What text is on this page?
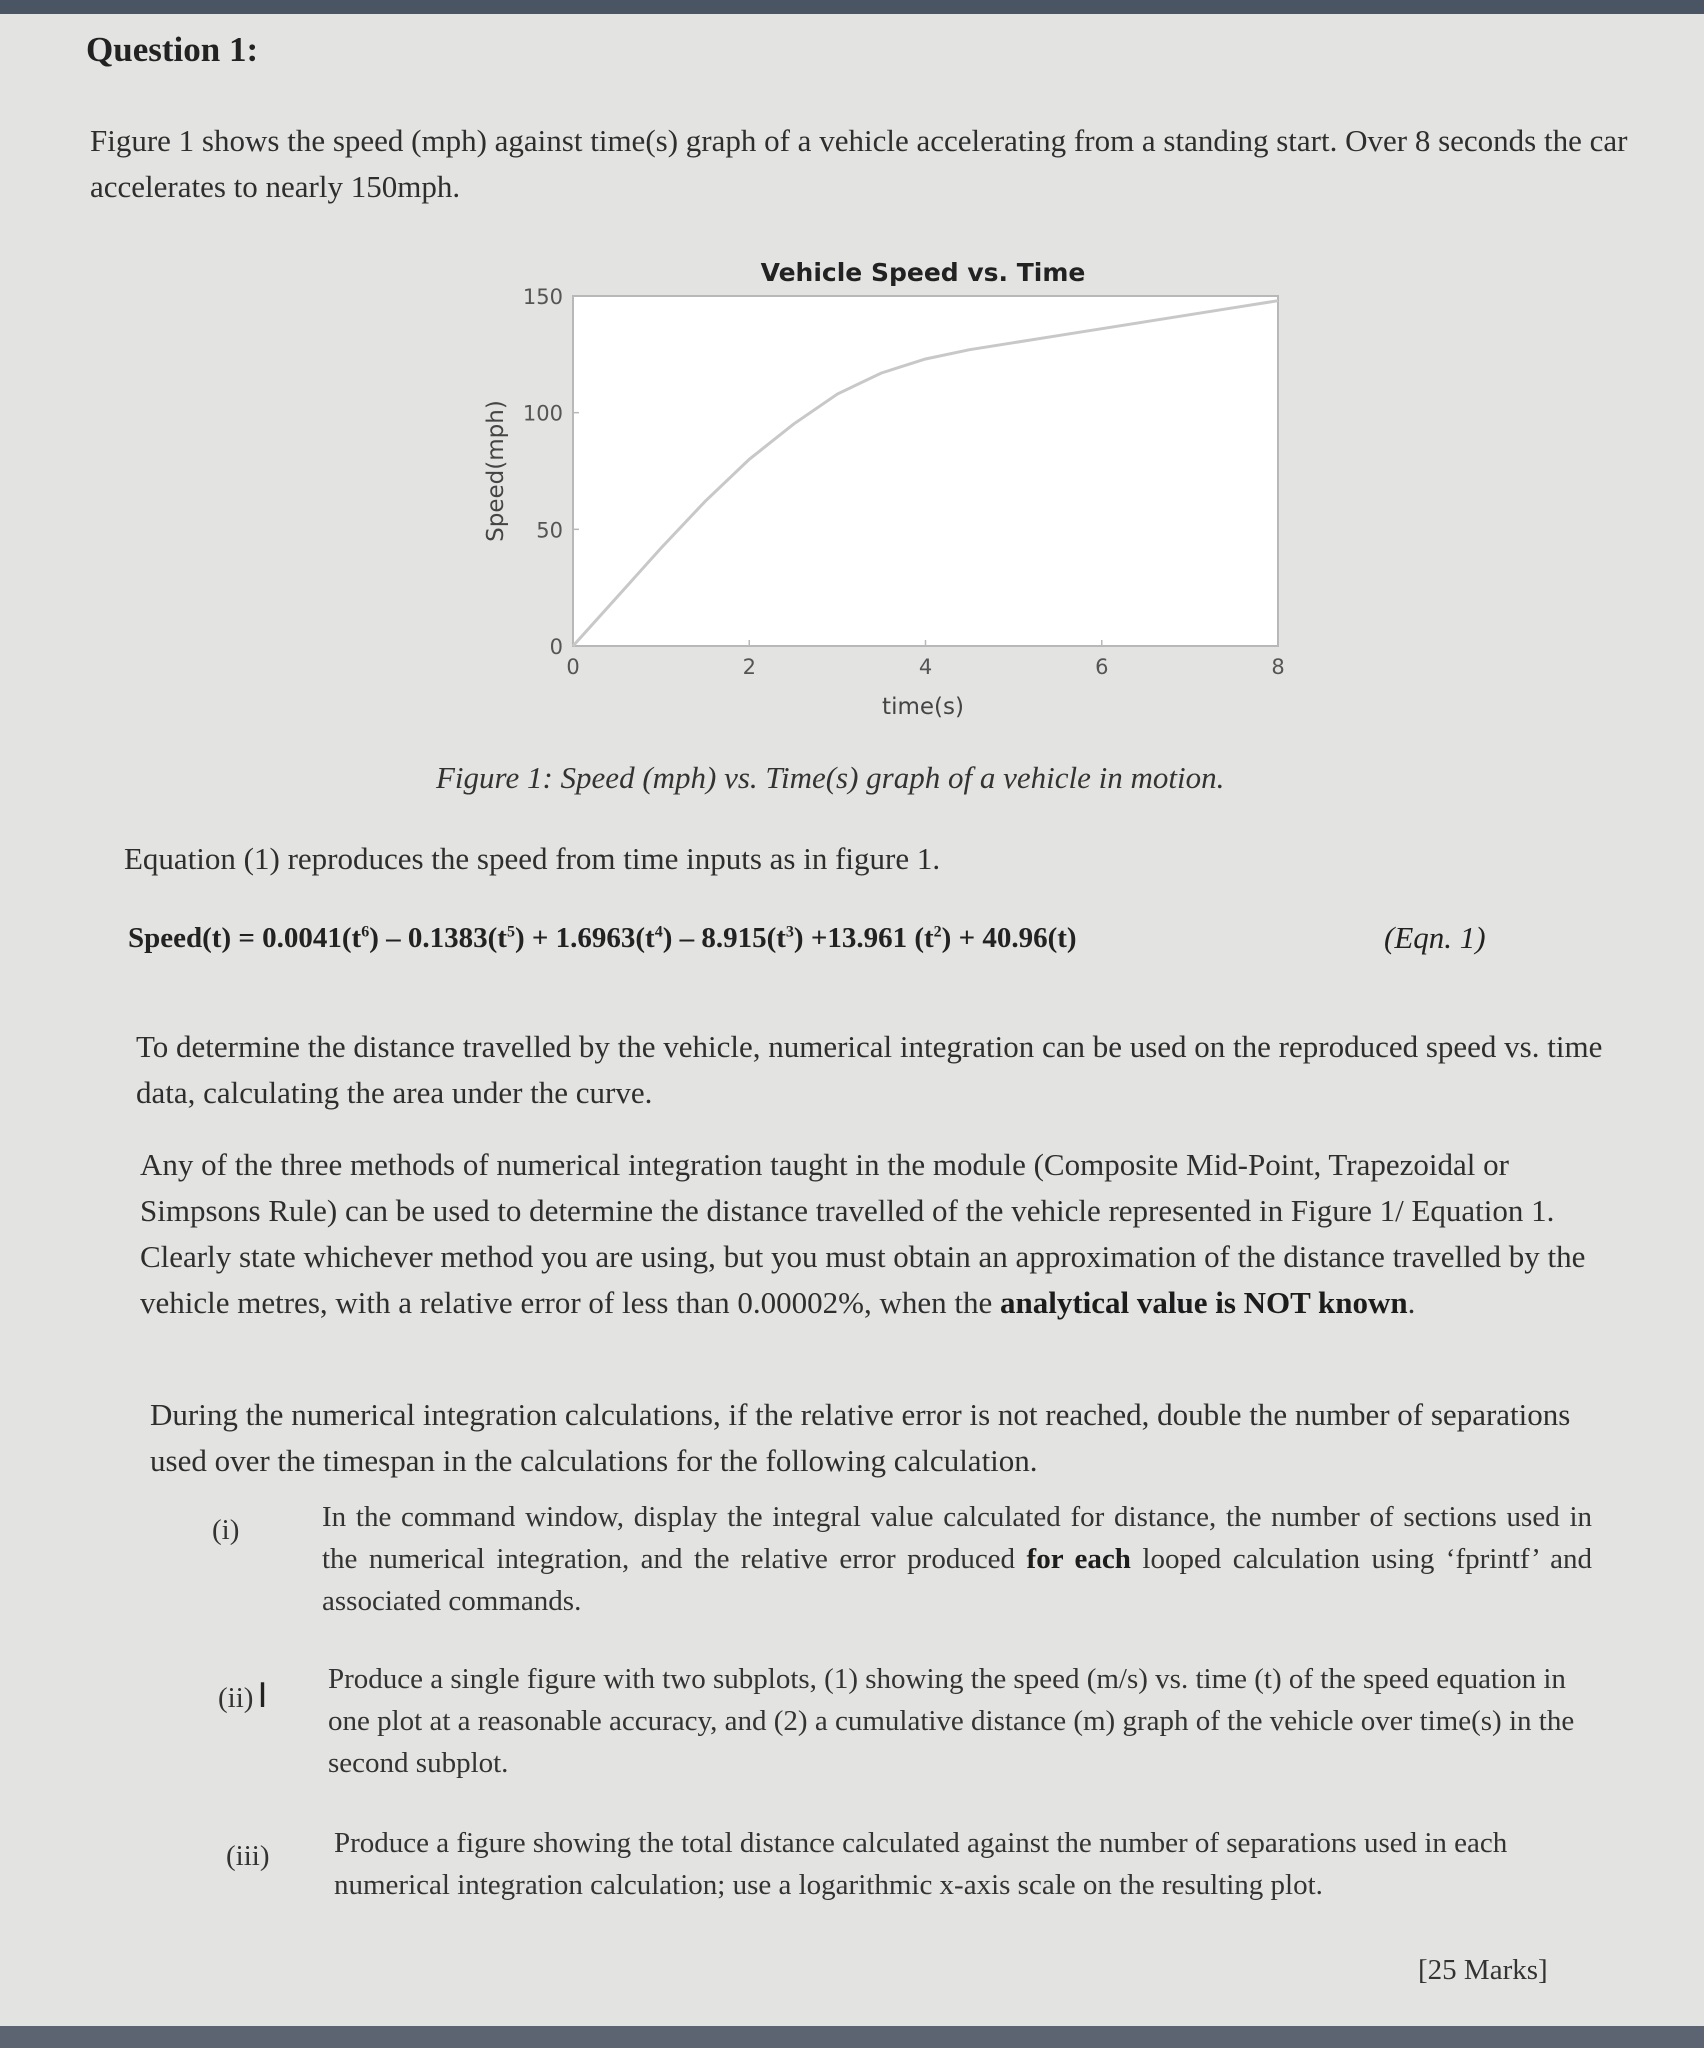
Question 1:
Figure 1 shows the speed (mph) against time(s) graph of a vehicle accelerating from a standing start. Over 8 seconds the car accelerates to nearly 150mph.
Vehicle Speed vs. Time
0	2	4	6	8
0
50
100
150
time(s)
Speed(mph)
Figure 1: Speed (mph) vs. Time(s) graph of a vehicle in motion.
Equation (1) reproduces the speed from time inputs as in figure 1.
Speed(t) = $0.0041(t^6) - 0.1383(t^5) + 1.6963(t^4) - 8.915(t^3) +13.961$ $(t^2) + 40.96(t)$	(Eqn. 1)
To determine the distance travelled by the vehicle, numerical integration can be used on the reproduced speed vs. time data, calculating the area under the curve.
Any of the three methods of numerical integration taught in the module (Composite Mid-Point, Trapezoidal or Simpsons Rule) can be used to determine the distance travelled of the vehicle represented in Figure 1/ Equation 1. Clearly state whichever method you are using, but you must obtain an approximation of the distance travelled by the vehicle metres, with a relative error of less than 0.00002%, when the analytical value is NOT known.
During the numerical integration calculations, if the relative error is not reached, double the number of separations used over the timespan in the calculations for the following calculation.
(i)	In the command window, display the integral value calculated for distance, the number of sections used in the numerical integration, and the relative error produced for each looped calculation using ‘fprintf’ and associated commands.
(ii) I Produce a single figure with two subplots, (1) showing the speed (m/s) vs. time (t) of the speed equation in one plot at a reasonable accuracy, and (2) a cumulative distance (m) graph of the vehicle over time(s) in the second subplot.
(iii) Produce a figure showing the total distance calculated against the number of separations used in each numerical integration calculation; use a logarithmic x-axis scale on the resulting plot.
[25 Marks]
